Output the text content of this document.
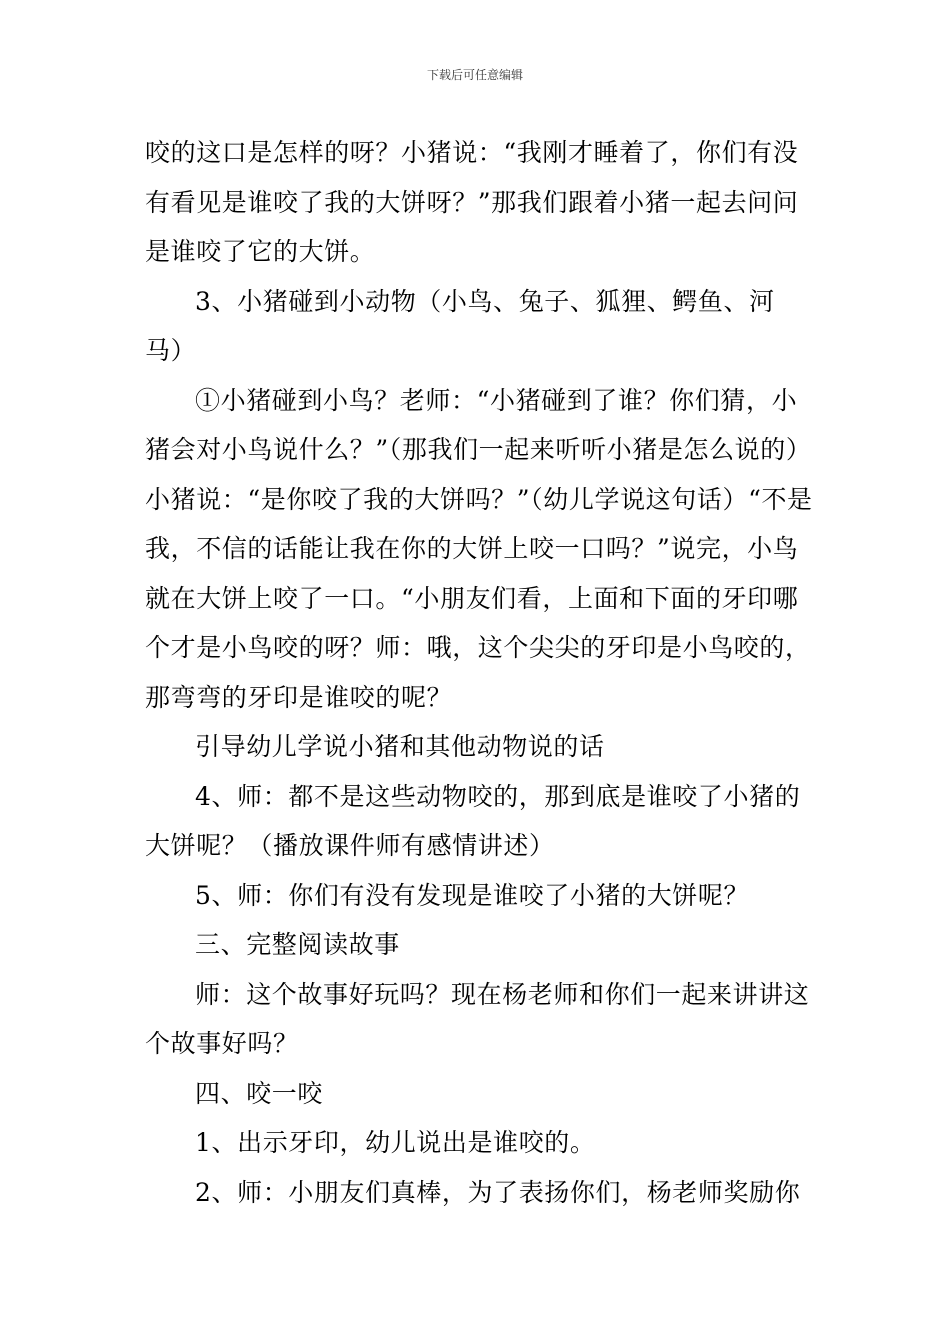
下载后可任意编辑

咬的这口是怎样的呀？小猪说：“我刚才睡着了，你们有没有看见是谁咬了我的大饼呀？”那我们跟着小猪一起去问问是谁咬了它的大饼。

3、小猪碰到小动物（小鸟、兔子、狐狸、鳄鱼、河马）

①小猪碰到小鸟？老师：“小猪碰到了谁？你们猜，小猪会对小鸟说什么？”（那我们一起来听听小猪是怎么说的）小猪说：“是你咬了我的大饼吗？”（幼儿学说这句话）“不是我，不信的话能让我在你的大饼上咬一口吗？”说完，小鸟就在大饼上咬了一口。“小朋友们看，上面和下面的牙印哪个才是小鸟咬的呀？师：哦，这个尖尖的牙印是小鸟咬的，那弯弯的牙印是谁咬的呢？

引导幼儿学说小猪和其他动物说的话

4、师：都不是这些动物咬的，那到底是谁咬了小猪的大饼呢？（播放课件师有感情讲述）

5、师：你们有没有发现是谁咬了小猪的大饼呢？

三、完整阅读故事

师：这个故事好玩吗？现在杨老师和你们一起来讲讲这个故事好吗？

四、咬一咬

1、出示牙印，幼儿说出是谁咬的。

2、师：小朋友们真棒，为了表扬你们，杨老师奖励你
